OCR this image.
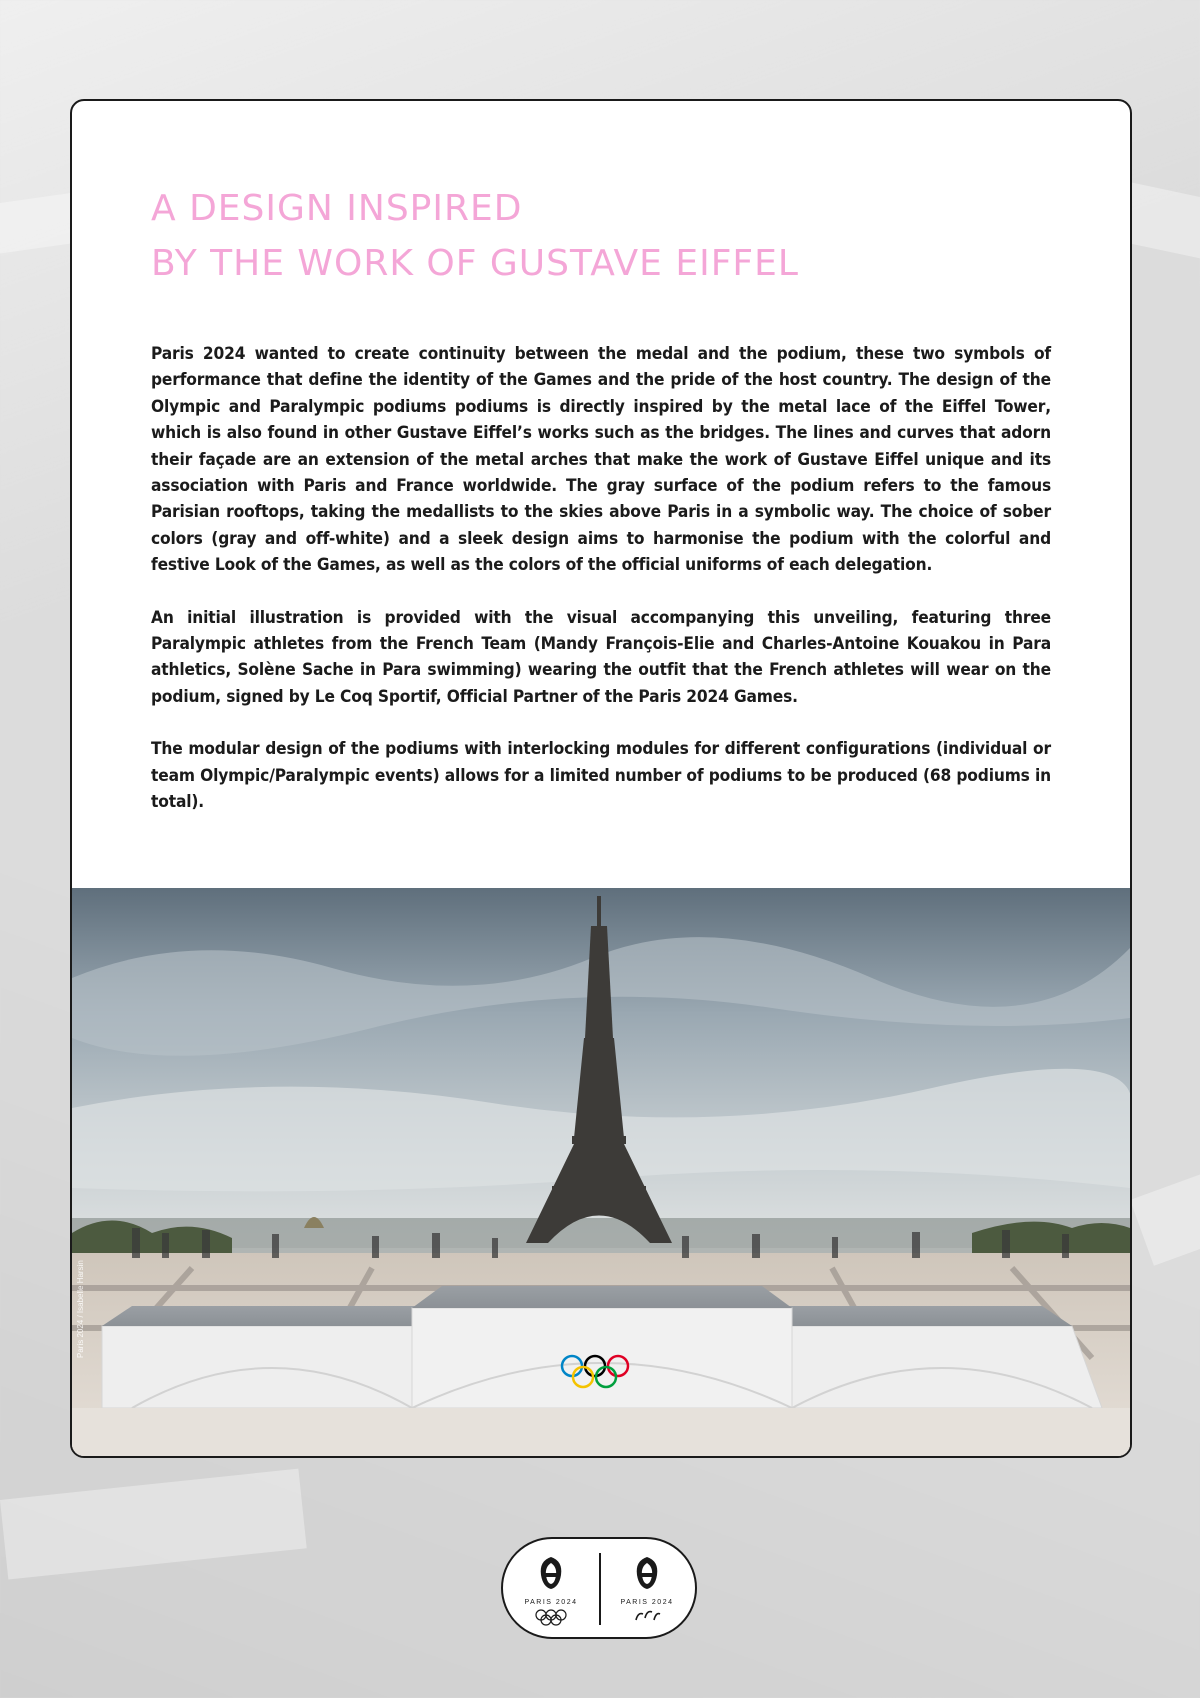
A DESIGN INSPIRED
BY THE WORK OF GUSTAVE EIFFEL

Paris 2024 wanted to create continuity between the medal and the podium, these two symbols of performance that define the identity of the Games and the pride of the host country. The design of the Olympic and Paralympic podiums podiums is directly inspired by the metal lace of the Eiffel Tower, which is also found in other Gustave Eiffel’s works such as the bridges. The lines and curves that adorn their façade are an extension of the metal arches that make the work of Gustave Eiffel unique and its association with Paris and France worldwide. The gray surface of the podium refers to the famous Parisian rooftops, taking the medallists to the skies above Paris in a symbolic way. The choice of sober colors (gray and off-white) and a sleek design aims to harmonise the podium with the colorful and festive Look of the Games, as well as the colors of the official uniforms of each delegation.

An initial illustration is provided with the visual accompanying this unveiling, featuring three Paralympic athletes from the French Team (Mandy François-Elie and Charles-Antoine Kouakou in Para athletics, Solène Sache in Para swimming) wearing the outfit that the French athletes will wear on the podium, signed by Le Coq Sportif, Official Partner of the Paris 2024 Games.

The modular design of the podiums with interlocking modules for different configurations (individual or team Olympic/Paralympic events) allows for a limited number of podiums to be produced (68 podiums in total).

Paris 2024 / Isabelle Harsin
PARIS 2024	PARIS 2024
